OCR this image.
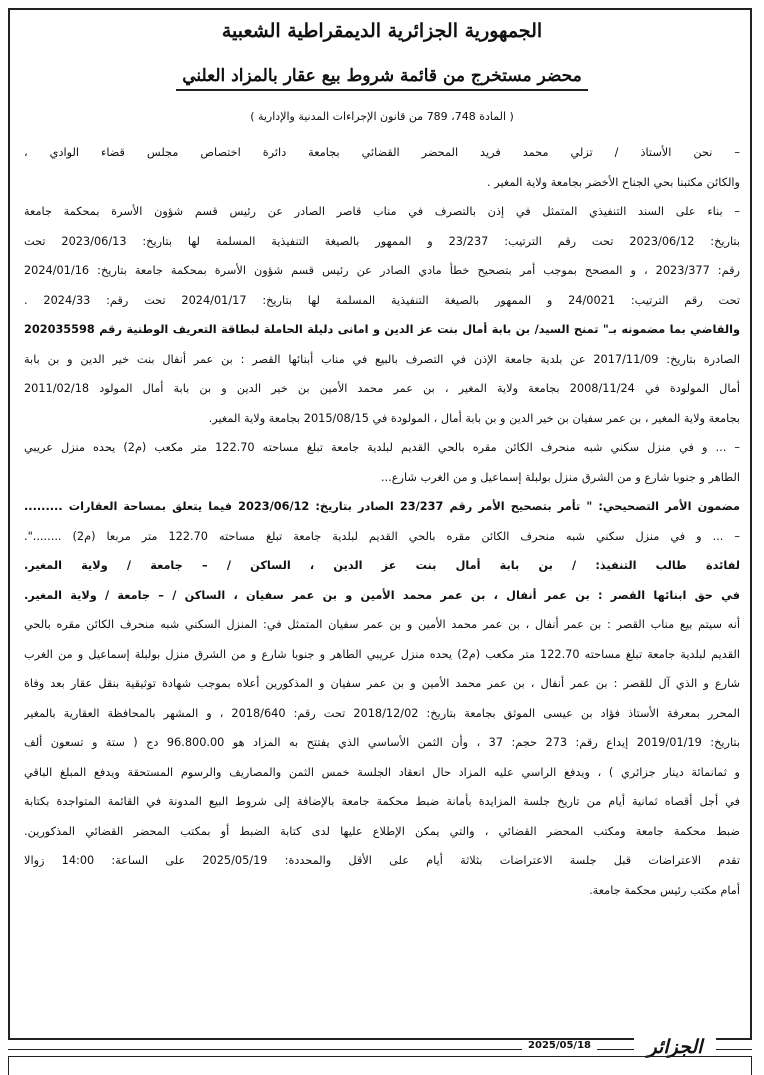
الجمهورية الجزائرية الديمقراطية الشعبية
محضر مستخرج من قائمة شروط بيع عقار بالمزاد العلني
( المادة 748، 789 من قانون الإجراءات المدنية والإدارية )
– نحن الأستاذ / تزلي محمد فريد المحضر القضائي بجامعة دائرة اختصاص مجلس قضاء الوادي ،
والكائن مكتبنا بحي الجناح الأخضر بجامعة ولاية المغير .
– بناء على السند التنفيذي المتمثل في إذن بالتصرف في مناب قاصر الصادر عن رئيس قسم شؤون الأسرة بمحكمة جامعة
بتاريخ: 2023/06/12 تحت رقم الترتيب: 23/237 و الممهور بالصيغة التنفيذية المسلمة لها بتاريخ: 2023/06/13 تحت
رقم: 2023/377 ، و المصحح بموجب أمر بتصحيح خطأ مادي الصادر عن رئيس قسم شؤون الأسرة بمحكمة جامعة بتاريخ: 2024/01/16
تحت رقم الترتيب: 24/0021 و الممهور بالصيغة التنفيذية المسلمة لها بتاريخ: 2024/01/17 تحت رقم: 2024/33 .
والقاضي بما مضمونه بـ" تمنح السيد/ بن بابة أمال بنت عز الدين و امانى دليلة الحاملة لبطاقة التعريف الوطنية رقم 202035598
الصادرة بتاريخ: 2017/11/09 عن بلدية جامعة الإذن في التصرف بالبيع في مناب أبنائها القصر : بن عمر أنفال بنت خير الدين و بن بابة
أمال المولودة في 2008/11/24 بجامعة ولاية المغير ، بن عمر محمد الأمين بن خير الدين و بن بابة أمال المولود 2011/02/18
بجامعة ولاية المغير ، بن عمر سفيان بن خير الدين و بن بابة أمال ، المولودة في 2015/08/15 بجامعة ولاية المغير.
– ... و في منزل سكني شبه منحرف الكائن مقره بالحي القديم لبلدية جامعة تبلغ مساحته 122.70 متر مكعب (م2) يحده منزل عريبي
الطاهر و جنوبا شارع و من الشرق منزل بولبلة إسماعيل و من الغرب شارع...
مضمون الأمر التصحيحي: " تأمر بتصحيح الأمر رقم 23/237 الصادر بتاريخ: 2023/06/12 فيما يتعلق بمساحة العقارات .........
– ... و في منزل سكني شبه منحرف الكائن مقره بالحي القديم لبلدية جامعة تبلغ مساحته 122.70 متر مربعا (م2) ........".
لفائدة طالب التنفيذ: / بن بابة أمال بنت عز الدين ، الساكن / – جامعة / ولاية المغير.
في حق ابنائها القصر : بن عمر أنفال ، بن عمر محمد الأمين و بن عمر سفيان ، الساكن / – جامعة / ولاية المغير.
أنه سيتم بيع مناب القصر : بن عمر أنفال ، بن عمر محمد الأمين و بن عمر سفيان المتمثل في: المنزل السكني شبه منحرف الكائن مقره بالحي
القديم لبلدية جامعة تبلغ مساحته 122.70 متر مكعب (م2) يحده منزل عريبي الطاهر و جنوبا شارع و من الشرق منزل بولبلة إسماعيل و من الغرب
شارع و الذي آل للقصر : بن عمر أنفال ، بن عمر محمد الأمين و بن عمر سفيان و المذكورين أعلاه بموجب شهادة توثيقية بنقل عقار بعد وفاة
المحرر بمعرفة الأستاذ فؤاد بن عيسى الموثق بجامعة بتاريخ: 2018/12/02 تحت رقم: 2018/640 ، و المشهر بالمحافظة العقارية بالمغير
بتاريخ: 2019/01/19 إيداع رقم: 273 حجم: 37 ، وأن الثمن الأساسي الذي يفتتح به المزاد هو 96.800.00 دج ( ستة و تسعون ألف
و ثمانمائة دينار جزائري ) ، ويدفع الراسي عليه المزاد حال انعقاد الجلسة خمس الثمن والمصاريف والرسوم المستحقة ويدفع المبلغ الباقي
في أجل أقصاه ثمانية أيام من تاريخ جلسة المزايدة بأمانة ضبط محكمة جامعة بالإضافة إلى شروط البيع المدونة في القائمة المتواجدة بكتابة
ضبط محكمة جامعة ومكتب المحضر القضائي ، والتي يمكن الإطلاع عليها لدى كتابة الضبط أو بمكتب المحضر القضائي المذكورين.
تقدم الاعتراضات قبل جلسة الاعتراضات بثلاثة أيام على الأقل والمحددة: 2025/05/19 على الساعة: 14:00 زوالا
أمام مكتب رئيس محكمة جامعة.
2025/05/18	الجزائر
